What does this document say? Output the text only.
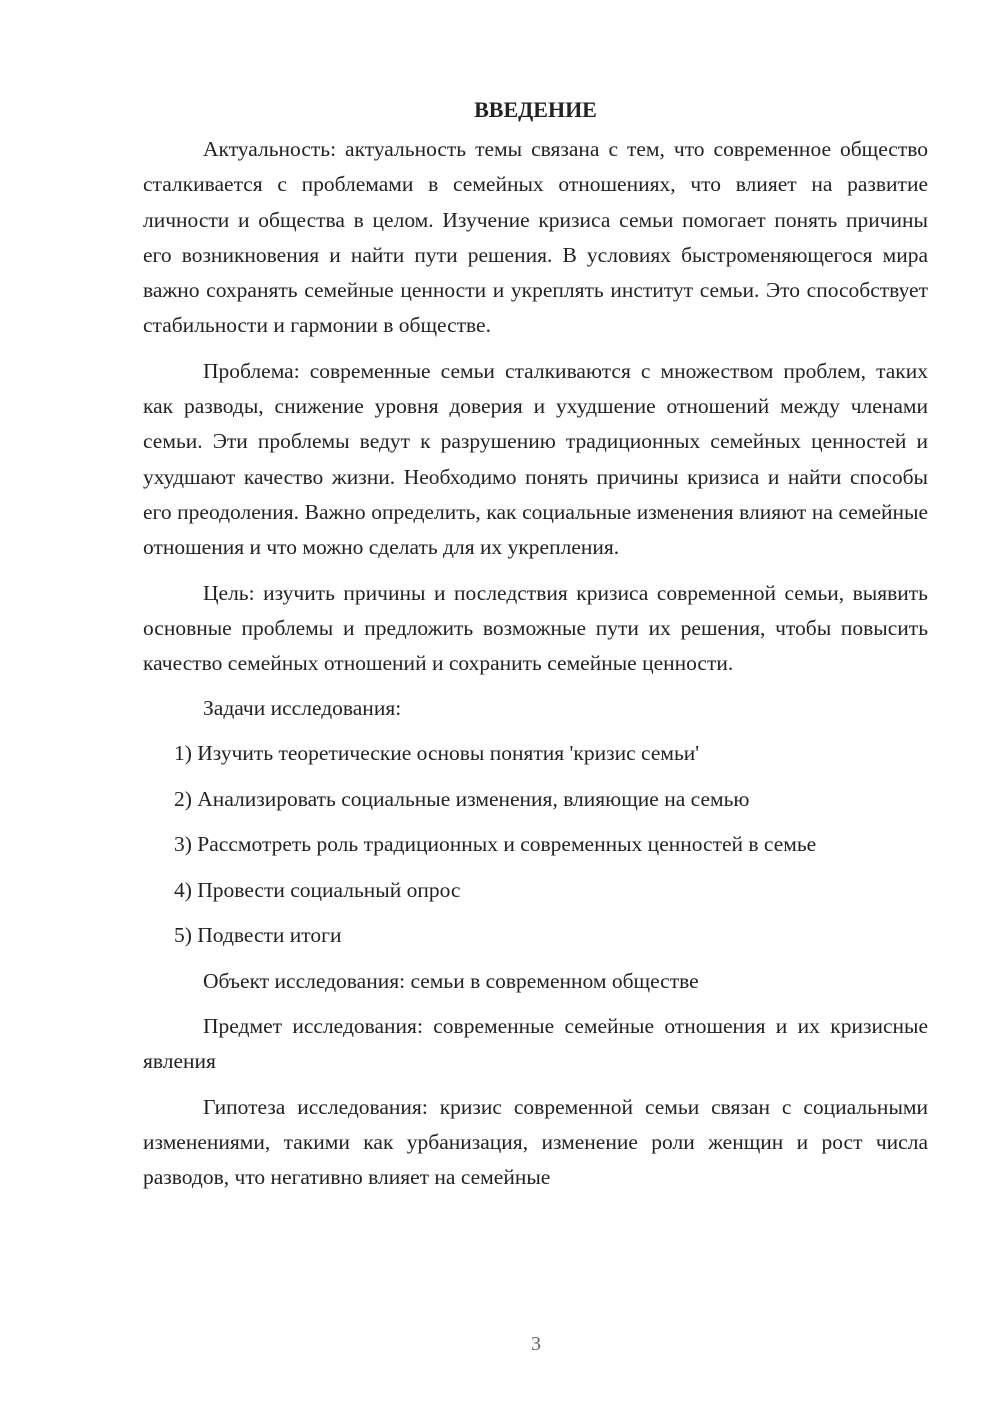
ВВЕДЕНИЕ

Актуальность: актуальность темы связана с тем, что современное общество сталкивается с проблемами в семейных отношениях, что влияет на развитие личности и общества в целом. Изучение кризиса семьи помогает понять причины его возникновения и найти пути решения. В условиях быстроменяющегося мира важно сохранять семейные ценности и укреплять институт семьи. Это способствует стабильности и гармонии в обществе.

Проблема: современные семьи сталкиваются с множеством проблем, таких как разводы, снижение уровня доверия и ухудшение отношений между членами семьи. Эти проблемы ведут к разрушению традиционных семейных ценностей и ухудшают качество жизни. Необходимо понять причины кризиса и найти способы его преодоления. Важно определить, как социальные изменения влияют на семейные отношения и что можно сделать для их укрепления.

Цель: изучить причины и последствия кризиса современной семьи, выявить основные проблемы и предложить возможные пути их решения, чтобы повысить качество семейных отношений и сохранить семейные ценности.

Задачи исследования:

1) Изучить теоретические основы понятия 'кризис семьи'
2) Анализировать социальные изменения, влияющие на семью
3) Рассмотреть роль традиционных и современных ценностей в семье
4) Провести социальный опрос
5) Подвести итоги

Объект исследования: семьи в современном обществе

Предмет исследования: современные семейные отношения и их кризисные явления

Гипотеза исследования: кризис современной семьи связан с социальными изменениями, такими как урбанизация, изменение роли женщин и рост числа разводов, что негативно влияет на семейные

3
